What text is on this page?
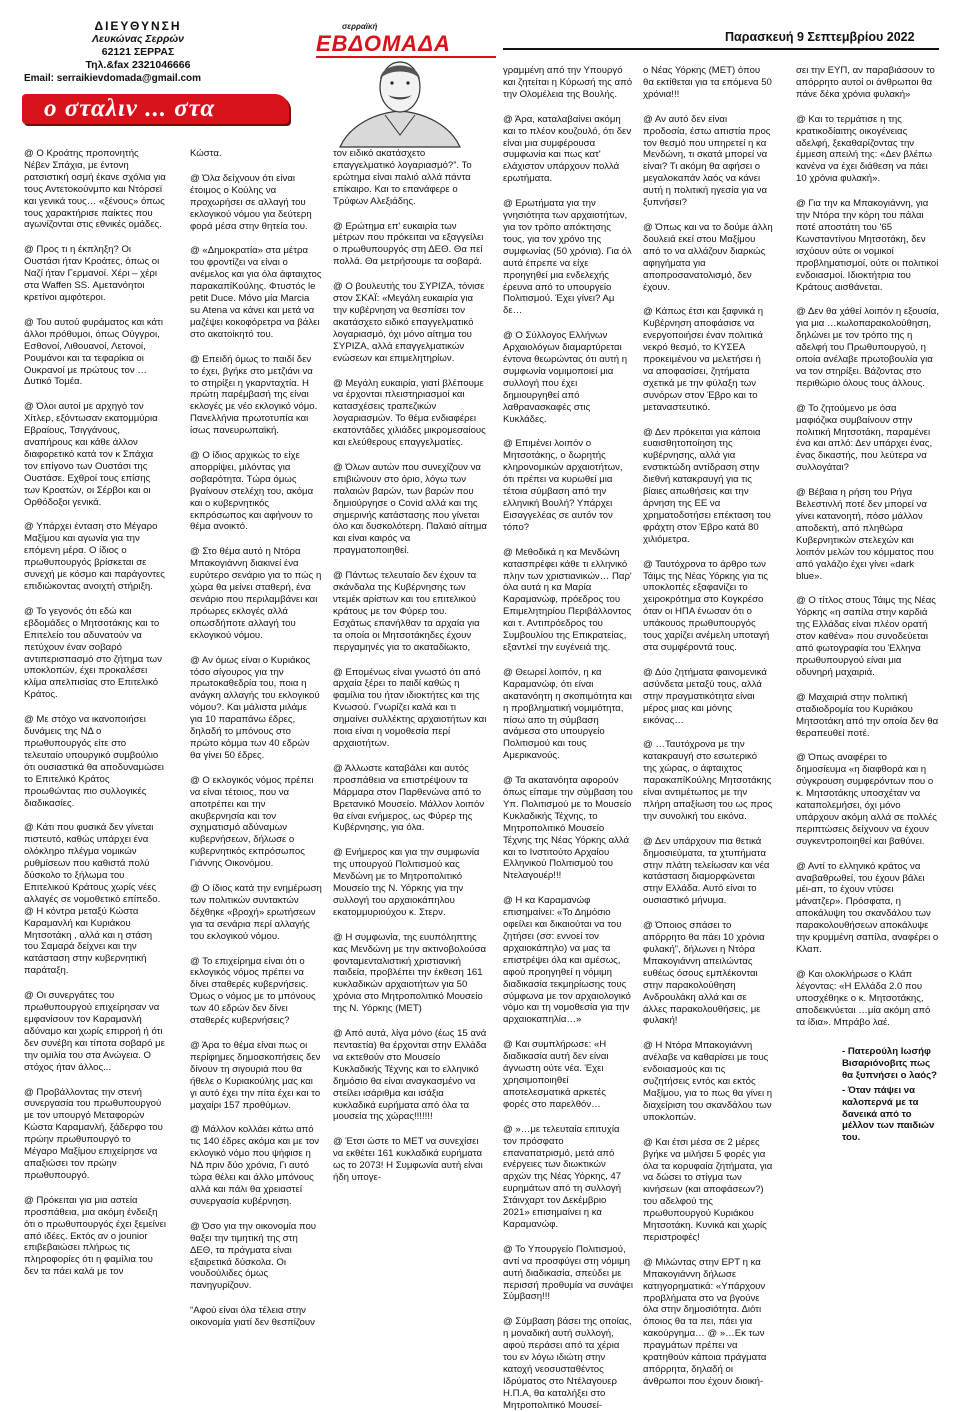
ΔΙΕΥΘΥΝΣΗ
Λευκώνας Σερρών
62121 ΣΕΡΡΑΣ
Τηλ.&fax 2321046666
Email: serraikievdomada@gmail.com
σερραϊκή
ΕΒΔΟΜΑΔΑ	Παρασκευή 9 Σεπτεμβρίου 2022
ο σταλιν ... στα σερρας

@ Ο Κροάτης προπονητής Νέβεν Σπάχια, με έντονη ρατσιστική οσμή έκανε σχόλια για τους Αντετοκούνμπο και Ντόρσεϊ και γενικά τους… «ξένους» όπως τους χαρακτήρισε παίκτες που αγωνίζονται στις εθνικές ομάδες.

@ Προς τι η έκπληξη? Οι Ουστάσι ήταν Κροάτες, όπως οι Ναζί ήταν Γερμανοί. Χέρι – χέρι στα Waffen SS. Αμετανόητοι κρετίνοι αμφότεροι.

@ Του αυτού φυράματος και κάτι άλλοι πρόθυμοι, όπως Ούγγροι, Εσθονοί, Λιθουανοί, Λετονοί, Ρουμάνοι και τα τεφαρίκια οι Ουκρανοί με πρώτους τον …Δυτικό Τομέα.

@ Όλοι αυτοί με αρχηγό τον Χίτλερ, εξόντωσαν εκατομμύρια Εβραίους, Τσιγγάνους, αναπήρους και κάθε άλλον διαφορετικό κατά τον κ Σπάχια τον επίγονο των Ουστάσι της Ουστάσε. Εχθροί τους επίσης των Κροατών, οι Σέρβοι και οι Ορθόδοξοι γενικά.

@ Υπάρχει ένταση στο Μέγαρο Μαξίμου και αγωνία για την επόμενη μέρα. Ο ίδιος ο πρωθυπουργός βρίσκεται σε συνεχή με κόσμο και παράγοντες επιδιώκοντας ανοιχτή στήριξη.

@ Το γεγονός ότι εδώ και εβδομάδες ο Μητσοτάκης και το Επιτελείο του αδυνατούν να πετύχουν έναν σοβαρό αντιπερισπασμό στο ζήτημα των υποκλοπών, έχει προκαλέσει κλίμα απελπισίας στο Επιτελικό Κράτος.

@ Με στόχο να ικανοποιήσει δυνάμεις της ΝΔ ο πρωθυπουργός είτε στο τελευταίο υπουργικό συμβούλιο ότι ουσιαστικά θα αποδυναμώσει το Επιτελικό Κράτος προωθώντας πιο συλλογικές διαδικασίες.

@ Κάτι που φυσικά δεν γίνεται πιστευτό, καθώς υπάρχει ένα ολόκληρο πλέγμα νομικών ρυθμίσεων που καθιστά πολύ δύσκολο το ξήλωμα του Επιτελικού Κράτους χωρίς νέες αλλαγές σε νομοθετικό επίπεδο. @ Η κόντρα μεταξύ Κώστα Καραμανλή και Κυριάκου Μητσοτάκη , αλλά και η στάση του Σαμαρά δείχνει και την κατάσταση στην κυβερνητική παράταξη.

@ Οι συνεργάτες του πρωθυπουργού επιχείρησαν να εμφανίσουν τον Καραμανλή αδύναμο και χωρίς επιρροή ή ότι δεν συνέβη και τίποτα σοβαρό με την ομιλία του στα Ανώγεια. Ο στόχος ήταν άλλος...

@ Προβάλλοντας την στενή συνεργασία του πρωθυπουργού με τον υπουργό Μεταφορών Κώστα Καραμανλή, ξάδερφο του πρώην πρωθυπουργό το Μέγαρο Μαξίμου επιχείρησε να απαξιώσει τον πρώην πρωθυπουργό.

@ Πρόκειται για μια αστεία προσπάθεια, μια ακόμη ένδειξη ότι ο πρωθυπουργός έχει ξεμείνει από ιδέες. Εκτός αν ο jounior επιβεβαιώσει πλήρως τις πληροφορίες ότι η φαμίλια του δεν τα πάει καλά με τον

Κώστα.

@ Όλα δείχνουν ότι είναι έτοιμος ο Κούλης να προχωρήσει σε αλλαγή του εκλογικού νόμου για δεύτερη φορά μέσα στην θητεία του.

@ «Δημοκρατία» στα μέτρα του φροντίζει να είναι ο ανέμελος και για όλα άφταιχτος παρακαπίΚούλης. Φτυστός le petit Duce. Μόνο μία Marcia su Atena να κάνει και μετά να μαζέψει κοκοφόρετρα να βάλει στο ακατοίκητό του.

@ Επειδή όμως το παιδί δεν το έχει, βγήκε στο μετζιάνι να το στηρίξει η γκαρνταχτία. Η πρώτη παρέμβασή της είναι εκλογές με νέο εκλογικό νόμο. Πανελλήνια πρωτοτυπία και ίσως πανευρωπαϊκή.

@ Ο ίδιος αρχικώς το είχε απορρίψει, μιλόντας για σοβαρότητα. Τώρα όμως βγαίνουν στελέχη του, ακόμα και ο κυβερνητικός εκπρόσωπος και αφήνουν το θέμα ανοικτό.

@ Στο θέμα αυτό η Ντόρα Μπακογιάννη διακινεί ένα ευρύτερο σενάριο για το πώς η χώρα θα μείνει σταθερή, ένα σενάριο που περιλαμβάνει και πρόωρες εκλογές αλλά οπωσδήποτε αλλαγή του εκλογικού νόμου.

@ Αν όμως είναι ο Κυριάκος τόσο σίγουρος για την πρωτοκαθεδρία του, ποια η ανάγκη αλλαγής του εκλογικού νόμου?. Και μάλιστα μιλάμε για 10 παραπάνω έδρες, δηλαδή το μπόνους στο πρώτο κόμμα των 40 εδρών θα γίνει 50 έδρες.

@ Ο εκλογικός νόμος πρέπει να είναι τέτοιος, που να αποτρέπει και την ακυβερνησία και τον σχηματισμό αδύναμων κυβερνήσεων, δήλωσε ο κυβερνητικός εκπρόσωπος Γιάννης Οικονόμου.

@ Ο ίδιος κατά την ενημέρωση των πολιτικών συντακτών δέχθηκε «βροχή» ερωτήσεων για τα σενάρια περί αλλαγής του εκλογικού νόμου.

@ Το επιχείρημα είναι ότι ο εκλογικός νόμος πρέπει να δίνει σταθερές κυβερνήσεις. Όμως ο νόμος με το μπόνους των 40 εδρών δεν δίνει σταθερές κυβερνήσεις?

@ Άρα το θέμα είναι πως οι περίφημες δημοσκοπήσεις δεν δίνουν τη σιγουριά που θα ήθελε ο Κυριακούλης μας και γι αυτό έχει την πίτα έχει και το μαχαίρι 157 προθύμων.

@ Μάλλον κολλάει κάτω από τις 140 έδρες ακόμα και με τον εκλογικό νόμο που ψήφισε η ΝΔ πριν δύο χρόνια, Γι αυτό τώρα θέλει και άλλο μπόνους αλλά και πάλι θα χρειαστεί συνεργασία κυβέρνηση.

@ Όσο για την οικονομία που θαξει την τιμητική της στη ΔΕΘ, τα πράγματα είναι εξαιρετικά δύσκολα. Οι νουδούλιδες όμως πανηγυρίζουν.

“Αφού είναι όλα τέλεια στην οικονομία γιατί δεν θεσπίζουν

τον ειδικό ακατάσχετο επαγγελματικό λογαριασμό?”. Το ερώτημα είναι παλιό αλλά πάντα επίκαιρο. Και το επανάφερε ο Τρύφων Αλεξιάδης.

@ Ερώτημα επ' ευκαιρία των μέτρων που πρόκειται να εξαγγείλει ο πρωθυπουργός στη ΔΕΘ. Θα πεί πολλά. Θα μετρήσουμε τα σοβαρά.

@ Ο βουλευτής του ΣΥΡΙΖΑ, τόνισε στον ΣΚΑΪ: «Μεγάλη ευκαιρία για την κυβέρνηση να θεσπίσει τον ακατάσχετο ειδικό επαγγελματικό λογαριασμό, όχι μόνο αίτημα του ΣΥΡΙΖΑ, αλλά επαγγελματικών ενώσεων και επιμελητηρίων.

@ Μεγάλη ευκαιρία, γιατί βλέπουμε να έρχονται πλειστηριασμοί και κατασχέσεις τραπεζικών λογαριασμών. Το θέμα ενδιαφέρει εκατοντάδες χιλιάδες μικρομεσαίους και ελεύθερους επαγγελματίες.

@ Όλων αυτών που συνεχίζουν να επιβιώνουν στο όριο, λόγω των παλαιών βαρών, των βαρών που δημιούργησε ο Covid αλλά και της σημερινής κατάστασης που γίνεται όλο και δυσκολότερη. Παλαιό αίτημα και είναι καιρός να πραγματοποιηθεί.

@ Πάντως τελευταίο δεν έχουν τα σκάνδαλα της Κυβέρνησης των ντεμέκ αρίστων και του επιτελικού κράτους με τον Φύρερ του. Εσχάτως επανήλθαν τα αρχαία για τα οποία οι Μητσοτάκηδες έχουν περγαμηνές για το ακαταδίωκτο,

@ Επομένως είναι γνωστό ότι από αρχαία ξέρει το παιδί καθώς η φαμίλια του ήταν ιδιοκτήτες και της Κνωσού. Γνωρίζει καλά και τι σημαίνει συλλέκτης αρχαιοτήτων και ποια είναι η νομοθεσία περί αρχαιοτήτων.

@ Άλλωστε καταβάλει και αυτός προσπάθεια να επιστρέψουν τα Μάρμαρα στον Παρθενώνα από το Βρετανικό Μουσείο. Μάλλον λοιπόν θα είναι ενήμερος, ως Φύρερ της Κυβέρνησης, για όλα.

@ Ενήμερος και για την συμφωνία της υπουργού Πολιτισμού κας Μενδώνη με το Μητροπολιτικό Μουσείο της Ν. Υόρκης για την συλλογή του αρχαιοκάπηλου εκατομμυριούχου κ. Στερν.

@ Η συμφωνία, της ευυπόληπτης κας Μενδώνη με την ακτινοβολούσα φονταμενταλιστική χριστιανική παιδεία, προβλέπει την έκθεση 161 κυκλαδικών αρχαιοτήτων για 50 χρόνια στο Μητροπολιτικό Μουσείο της Ν. Υόρκης (ΜΕΤ)

@ Από αυτά, λίγα μόνο (έως 15 ανά πενταετία) θα έρχονται στην Ελλάδα να εκτεθούν στο Μουσείο Κυκλαδικής Τέχνης και το ελληνικό δημόσιο θα είναι αναγκασμένο να στείλει ισάριθμα και ισάξια κυκλαδικά ευρήματα από όλα τα μουσεία της χώρας!!!!!!!

@ Έτσι ώστε το ΜΕΤ να συνεχίσει να εκθέτει 161 κυκλαδικά ευρήματα ως το 2073! Η Συμφωνία αυτή είναι ήδη υπογε-

γραμμένη από την Υπουργό και ζητείται η Κύρωσή της από την Ολομέλεια της Βουλής.

@ Άρα, καταλαβαίνει ακόμη και το πλέον κουζουλό, ότι δεν είναι μια συμφέρουσα συμφωνία και πως κατ' ελάχιστον υπάρχουν πολλά ερωτήματα.

@ Ερωτήματα για την γνησιότητα των αρχαιοτήτων, για τον τρόπο απόκτησης τους, για τον χρόνο της συμφωνίας (50 χρόνια). Για όλ αυτά έπρεπε να είχε προηγηθεί μια ενδελεχής έρευνα από το υπουργείο Πολιτισμού. Έχει γίνει? Αμ δε…

@ Ο Σύλλογος Ελλήνων Αρχαιολόγων διαμαρτύρεται έντονα θεωρώντας ότι αυτή η συμφωνία νομιμοποιεί μια συλλογή που έχει δημιουργηθεί από λαθρανασκαφές στις Κυκλάδες.

@ Επιμένει λοιπόν ο Μητσοτάκης, ο δωρητής κληρονομικών αρχαιοτήτων, ότι πρέπει να κυρωθεί μια τέτοια σύμβαση από την ελληνική Βουλή? Υπάρχει Εισαγγελέας σε αυτόν τον τόπο?

@ Μεθοδικά η κα Μενδώνη κατασπρέφει κάθε τι ελληνικό πλην των χριστιανικών… Παρ' όλα αυτά η κα Μαρία Καραμανώφ, πρόεδρος του Επιμελητηρίου Περιβάλλοντος και τ. Αντιπρόεδρος του Συμβουλίου της Επικρατείας, εξαντλεί την ευγένειά της.

@ Θεωρεί λοιπόν, η κα Καραμανώφ, ότι είναι ακατανόητη η σκοπιμότητα και η προβληματική νομιμότητα, πίσω απο τη σύμβαση ανάμεσα στο υπουργείο Πολιτισμού και τους Αμερικανούς.

@ Τα ακατανόητα αφορούν όπως είπαμε την σύμβαση του Υπ. Πολιτισμού με το Μουσείο Κυκλαδικής Τέχνης, το Μητροπολιτικό Μουσείο Τέχνης της Νέας Υόρκης αλλά και το Ινστιτούτο Αρχαίου Ελληνικού Πολιτισμού του Ντελαγουέρ!!!

@ Η κα Καραμανώφ επισημαίνει: «Το Δημόσιο οφείλει και δικαιούται να του ζητήσει (σσ: εννοεί τον αρχαιοκάπηλο) να μας τα επιστρέψει όλα και αμέσως, αφού προηγηθεί η νόμιμη διαδικασία τεκμηρίωσης τους σύμφωνα με τον αρχαιολογικό νόμο και τη νομοθεσία για την αρχαιοκαπηλία…»

@ Και συμπλήρωσε: «Η διαδικασία αυτή δεν είναι άγνωστη ούτε νέα. Έχει χρησιμοποιηθεί αποτελεσματικά αρκετές φορές στο παρελθόν…

@ »…με τελευταία επιτυχία τον πρόσφατο επαναπατρισμό, μετά από ενέργειες των διωκτικών αρχών της Νέας Υόρκης, 47 ευρημάτων από τη συλλογή Στάινχαρτ τον Δεκέμβριο 2021» επισημαίνει η κα Καραμανώφ.

@ Το Υπουργείο Πολιτισμού, αντί να προσφύγει στη νόμιμη αυτή διαδικασία, σπεύδει με περισσή προθυμία να συνάψει Σύμβαση!!!

@ Σύμβαση βάσει της οποίας, η μοναδική αυτή συλλογή, αφού περάσει από τα χέρια του εν λόγω ιδιώτη στην κατοχή νεοσυσταθέντος Ιδρύματος στο Ντέλαγουερ Η.Π.Α, θα καταλήξει στο Μητροπολιτικό Μουσεί-

ο Νέας Υόρκης (ΜΕΤ) όπου θα εκτίθεται για τα επόμενα 50 χρόνια!!!

@ Αν αυτό δεν είναι προδοσία, έστω απιστία προς τον θεσμό που υπηρετεί η κα Μενδώνη, τι σκατά μπορεί να είναι? Τι ακόμη θα αφήσει ο μεγαλοκαπάν λαός να κάνει αυτή η πολιτική ηγεσία για να ξυπνήσει?

@ Όπως και να το δούμε άλλη δουλειά εκεί στου Μαξίμου από το να αλλάζουν διαρκώς αφηγήματα για αποπροσανατολισμό, δεν έχουν.

@ Κάπως έτσι και ξαφνικά η Κυβέρνηση αποφάσισε να ενεργοποιήσει έναν πολιτικά νεκρό θεσμό, το ΚΥΣΕΑ προκειμένου να μελετήσει ή να αποφασίσει, ζητήματα σχετικά με την φύλαξη των συνόρων στον Έβρο και το μεταναστευτικό.

@ Δεν πρόκειται για κάποια ευαισθητοποίηση της κυβέρνησης, αλλά για ενστικτώδη αντίδραση στην διεθνή κατακραυγή για τις βίαιες απωθήσεις και την άρνηση της ΕΕ να χρηματοδοτήσει επέκταση του φράχτη στον Έβρο κατά 80 χιλιόμετρα.

@ Ταυτόχρονα το άρθρο των Τάιμς της Νέας Υόρκης για τις υποκλοπές εξαφανίζει το χειροκρότημα στο Κογκρέσο όταν οι ΗΠΑ ένωσαν ότι ο υπάκουος πρωθυπουργός τους χαρίζει ανέμελη υποταγή στα συμφέροντά τους.

@ Δύο ζητήματα φαινομενικά ασύνδετα μεταξύ τους, αλλά στην πραγματικότητα είναι μέρος μιας και μόνης εικόνας…

@ …Ταυτόχρονα με την κατακραυγή στο εσωτερικό της χώρας, ο άφταιχτος παρακαπίΚούλης Μητσοτάκης είναι αντιμέτωπος με την πλήρη απαξίωση του ως προς την συνολική του εικόνα.

@ Δεν υπάρχουν πια θετικά δημοσιεύματα, τα χτυπήματα στην πλάτη τελείωσαν και νέα κατάσταση διαμορφώνεται στην Ελλάδα. Αυτό είναι το ουσιαστικό μήνυμα.

@ Όποιος σπάσει το απόρρητο θα πάει 10 χρόνια φυλακή”, δήλωνει η Ντόρα Μπακογιάννη απειλώντας ευθέως όσους εμπλέκονται στην παρακολούθηση Ανδρουλάκη αλλά και σε άλλες παρακολουθήσεις, με φυλακή!

@ Η Ντόρα Μπακογιάννη ανέλαβε να καθαρίσει με τους ενδοιασμούς και τις συζητήσεις εντός και εκτός Μαξίμου, για το πως θα γίνει η διαχείριση του σκανδάλου των υποκλοπών.

@ Και έτσι μέσα σε 2 μέρες βγήκε να μιλήσει 5 φορές για όλα τα κορυφαία ζητήματα, για να δώσει το στίγμα των κινήσεων (και αποφάσεων?) του αδελφού της πρωθυπουργού Κυριάκου Μητσοτάκη. Κυνικά και χωρίς περιστροφές!

@ Μιλώντας στην ΕΡΤ η κα Μπακογιάννη δήλωσε κατηγορηματικά: «Υπάρχουν προβλήματα στο να βγούνε όλα στην δημοσιότητα. Διότι όποιος θα τα πει, πάει για κακούργημα… @ »…Εκ των πραγμάτων πρέπει να κρατηθούν κάποια πράγματα απόρρητα, δηλαδή οι άνθρωποι που έχουν διοική-

σει την ΕΥΠ, αν παραβιάσουν το απόρρητο αυτοί οι άνθρωποι θα πάνε δέκα χρόνια φυλακή»

@ Και το τερμάτισε η της κρατικοδίαιτης οικογένειας αδελφή, ξεκαθαρίζοντας την έμμεση απειλή της: «Δεν βλέπω κανένα να έχει διάθεση να πάει 10 χρόνια φυλακή».

@ Για την κα Μπακογιάννη, για την Ντόρα την κόρη του πάλαι ποτέ αποστάτη του '65 Κωνσταντίνου Μητσοτάκη, δεν ισχύουν ούτε οι νομικοί προβληματισμοί, ούτε οι πολιτικοί ενδοιασμοί. Ιδιοκτήτρια του Κράτους αισθάνεται.

@ Δεν θα χάθεί λοιπόν η εξουσία, για μια …κωλοπαρακολούθηση, δηλώνει με τον τρόπο της η αδελφή του Πρωθυπουργού, η οποία ανέλαβε πρωτοβουλία για να τον στηρίξει. Βάζοντας στο περιθώριο όλους τους άλλους.

@ Το ζητούμενο με όσα μαφιόζικα συμβαίνουν στην πολιτική Μητσοτάκη, παραμένει ένα και απλό: Δεν υπάρχει ένας, ένας δικαστής, που λεύτερα να συλλογάται?

@ Βέβαια η ρήση του Ρήγα Βελεστινλή ποτέ δεν μπορεί να γίνει κατανοητή, πόσο μάλλον αποδεκτή, από πληθώρα Κυβερνητικών στελεχών και λοιπόν μελών του κόμματος που από γαλάζιο έχει γίνει «dark blue».

@ Ο τίτλος στους Τάιμς της Νέας Υόρκης «η σαπίλα στην καρδιά της Ελλάδας είναι πλέον ορατή στον καθένα» που συνοδεύεται από φωτογραφία του Έλληνα πρωθυπουργού είναι μια οδυνηρή μαχαιριά.

@ Μαχαιριά στην πολιτική σταδιοδρομία του Κυριάκου Μητσοτάκη από την οποία δεν θα θεραπευθεί ποτέ.

@ Όπως αναφέρει το δημοσίευμα «η διαφθορά και η σύγκρουση συμφερόντων που ο κ. Μητσοτάκης υποσχέταν να καταπολεμήσει, όχι μόνο υπάρχουν ακόμη αλλά σε πολλές περιπτώσεις δείχνουν να έχουν συγκεντροποιηθεί και βαθύνει.

@ Αντί το ελληνικό κράτος να αναβαθρωθεί, του έχουν βάλει μέι-απ, το έχουν ντύσει μάνατζερ». Πρόσφατα, η αποκάλυψη του σκανδάλου των παρακολουθήσεων αποκάλυψε την κρυμμένη σαπίλα, αναφέρει ο Κλαπ.

@ Και ολοκλήρωσε ο Κλάπ λέγοντας: «Η Ελλάδα 2.0 που υποσχέθηκε ο κ. Μητσοτάκης, αποδεικνύεται …μία ακόμη από τα ίδια». Μπράβο λαέ.

- Πατερούλη Ιωσήφ Βισαριόνοβιτς πως θα ξυπνήσει ο λαός?

- Όταν πάψει να καλοπερνά με τα δανεικά από το μέλλον των παιδιών του.
